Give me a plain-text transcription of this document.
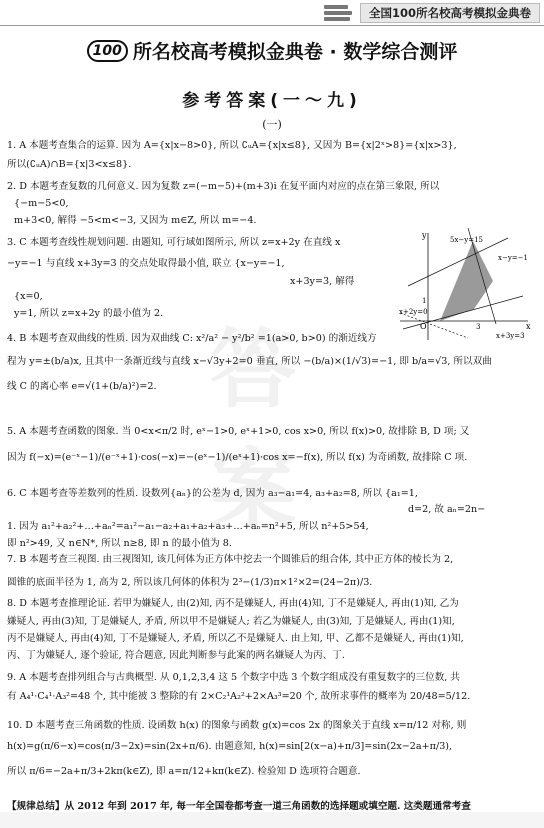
全国100所名校高考模拟金典卷
100 所名校高考模拟金典卷 · 数学综合测评
参考答案(一～九)
(一)
答
案
1. A 本题考查集合的运算. 因为 A={x|x−8>0}, 所以 ∁ᵤA={x|x≤8}, 又因为 B={x|2ˣ>8}={x|x>3},
所以(∁ᵤA)∩B={x|3<x≤8}.
2. D 本题考查复数的几何意义. 因为复数 z=(−m−5)+(m+3)i 在复平面内对应的点在第三象限, 所以
{−m−5<0,
m+3<0, 解得 −5<m<−3, 又因为 m∈Z, 所以 m=−4.
3. C 本题考查线性规划问题. 由题知, 可行域如图所示, 所以 z=x+2y 在直线 x
−y=−1 与直线 x+3y=3 的交点处取得最小值, 联立 {x−y=−1,
x+3y=3, 解得
{x=0,
y=1, 所以 z=x+2y 的最小值为 2.
4. B 本题考查双曲线的性质. 因为双曲线 C: x²/a² − y²/b² =1(a>0, b>0) 的渐近线方
程为 y=±(b/a)x, 且其中一条渐近线与直线 x−√3y+2=0 垂直, 所以 −(b/a)×(1/√3)=−1, 即 b/a=√3, 所以双曲
线 C 的离心率 e=√(1+(b/a)²)=2.
5. A 本题考查函数的图象. 当 0<x<π/2 时, eˣ−1>0, eˣ+1>0, cos x>0, 所以 f(x)>0, 故排除 B, D 项; 又
因为 f(−x)=(e⁻ˣ−1)/(e⁻ˣ+1)·cos(−x)=−(eˣ−1)/(eˣ+1)·cos x=−f(x), 所以 f(x) 为奇函数, 故排除 C 项.
6. C 本题考查等差数列的性质. 设数列{aₙ}的公差为 d, 因为 a₃−a₁=4, a₃+a₂=8, 所以 {a₁=1,
d=2, 故 aₙ=2n−
1. 因为 a₁²+a₂²+…+aₙ²=a₁²−a₁−a₂+a₁+a₂+a₃+…+aₙ=n²+5, 所以 n²+5>54,
即 n²>49, 又 n∈N*, 所以 n≥8, 即 n 的最小值为 8.
7. B 本题考查三视图. 由三视图知, 该几何体为正方体中挖去一个圆锥后的组合体, 其中正方体的棱长为 2,
圆锥的底面半径为 1, 高为 2, 所以该几何体的体积为 2³−(1/3)π×1²×2=(24−2π)/3.
8. D 本题考查推理论证. 若甲为嫌疑人, 由(2)知, 丙不是嫌疑人, 再由(4)知, 丁不是嫌疑人, 再由(1)知, 乙为
嫌疑人, 再由(3)知, 丁是嫌疑人, 矛盾, 所以甲不是嫌疑人; 若乙为嫌疑人, 由(3)知, 丁是嫌疑人, 再由(1)知,
丙不是嫌疑人, 再由(4)知, 丁不是嫌疑人, 矛盾, 所以乙不是嫌疑人. 由上知, 甲、乙都不是嫌疑人, 再由(1)知,
丙、丁为嫌疑人, 逐个验证, 符合题意, 因此判断参与此案的两名嫌疑人为丙、丁.
9. A 本题考查排列组合与古典概型. 从 0,1,2,3,4 这 5 个数字中选 3 个数字组成没有重复数字的三位数, 共
有 A₄¹·C₄¹·A₃²=48 个, 其中能被 3 整除的有 2×C₂¹A₂²+2×A₃³=20 个, 故所求事件的概率为 20/48=5/12.
10. D 本题考查三角函数的性质. 设函数 h(x) 的图象与函数 g(x)=cos 2x 的图象关于直线 x=π/12 对称, 则
h(x)=g(π/6−x)=cos(π/3−2x)=sin(2x+π/6). 由题意知, h(x)=sin[2(x−a)+π/3]=sin(2x−2a+π/3),
所以 π/6=−2a+π/3+2kπ(k∈Z), 即 a=π/12+kπ(k∈Z). 检验知 D 选项符合题意.
【规律总结】从 2012 年到 2017 年, 每一年全国卷都考查一道三角函数的选择题或填空题. 这类题通常考查
y
x
O
5x−y=15
x−y=−1
x+2y=0
x+3y=3
1
3
